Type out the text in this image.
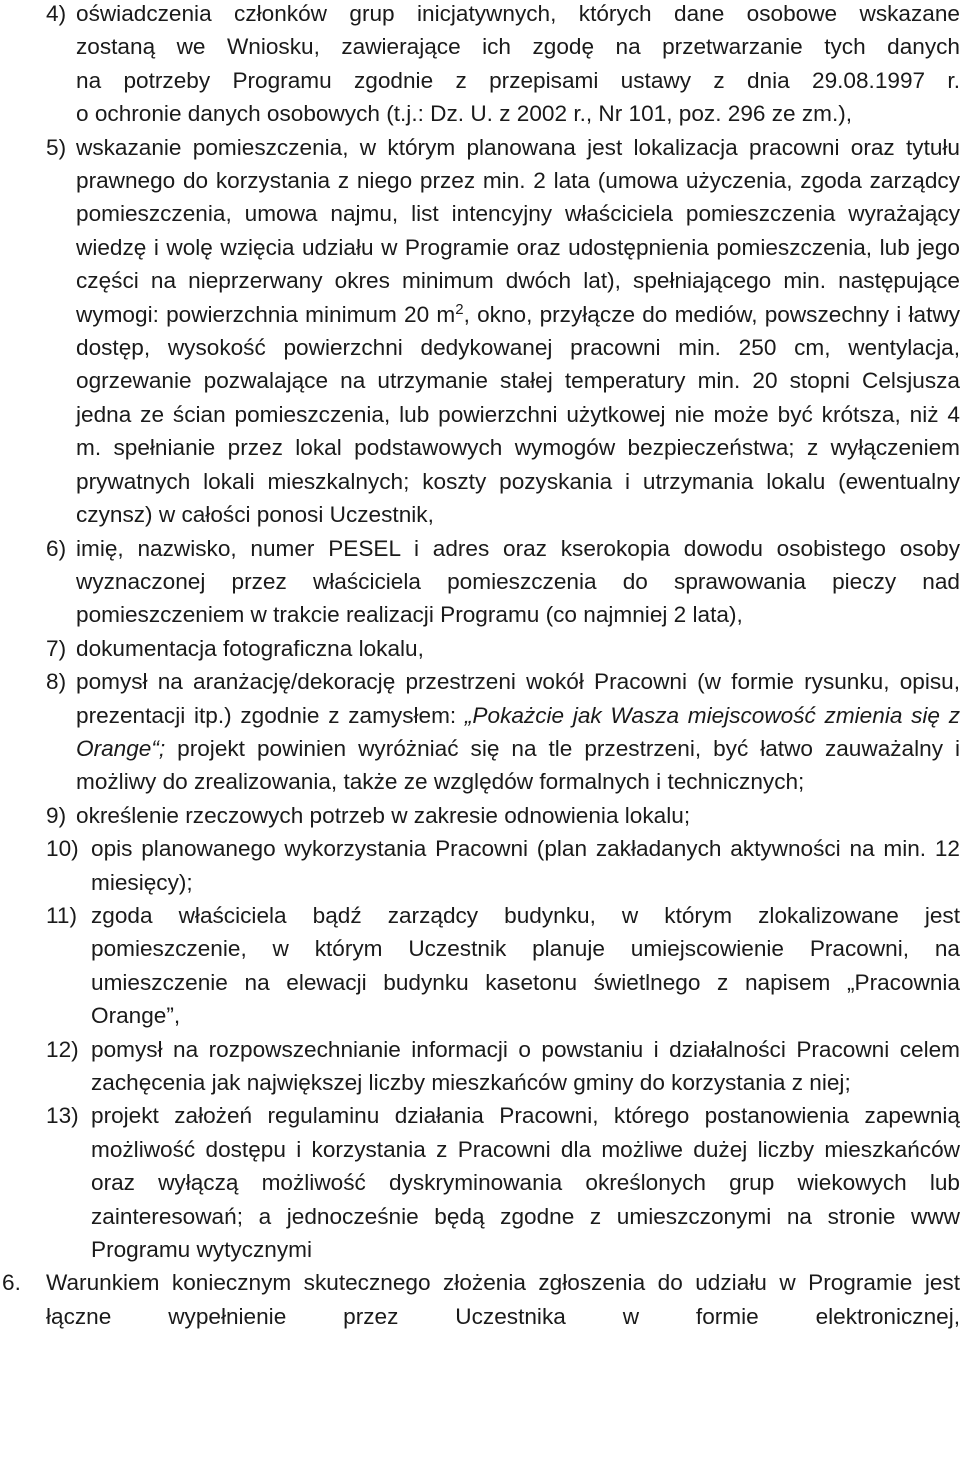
4) oświadczenia członków grup inicjatywnych, których dane osobowe wskazane
zostaną we Wniosku, zawierające ich zgodę na przetwarzanie tych danych
na potrzeby Programu zgodnie z przepisami ustawy z dnia 29.08.1997 r.
o ochronie danych osobowych (t.j.: Dz. U. z 2002 r., Nr 101, poz. 296 ze zm.),
5) wskazanie pomieszczenia, w którym planowana jest lokalizacja pracowni oraz tytułu prawnego do korzystania z niego przez min. 2 lata (umowa użyczenia, zgoda zarządcy pomieszczenia, umowa najmu, list intencyjny właściciela pomieszczenia wyrażający wiedzę i wolę wzięcia udziału w Programie oraz udostępnienia pomieszczenia, lub jego części na nieprzerwany okres minimum dwóch lat), spełniającego min. następujące wymogi: powierzchnia minimum 20 $m^2$, okno, przyłącze do mediów, powszechny i łatwy dostęp, wysokość powierzchni dedykowanej pracowni min. 250 cm, wentylacja, ogrzewanie pozwalające na utrzymanie stałej temperatury min. 20 stopni Celsjusza jedna ze ścian pomieszczenia, lub powierzchni użytkowej nie może być krótsza, niż 4 m. spełnianie przez lokal podstawowych wymogów bezpieczeństwa; z wyłączeniem prywatnych lokali mieszkalnych; koszty pozyskania i utrzymania lokalu (ewentualny czynsz) w całości ponosi Uczestnik,
6) imię, nazwisko, numer PESEL i adres oraz kserokopia dowodu osobistego osoby wyznaczonej przez właściciela pomieszczenia do sprawowania pieczy nad pomieszczeniem w trakcie realizacji Programu (co najmniej 2 lata),
7) dokumentacja fotograficzna lokalu,
8) pomysł na aranżację/dekorację przestrzeni wokół Pracowni (w formie rysunku, opisu, prezentacji itp.) zgodnie z zamysłem: „Pokażcie jak Wasza miejscowość zmienia się z Orange“; projekt powinien wyróżniać się na tle przestrzeni, być łatwo zauważalny i możliwy do zrealizowania, także ze względów formalnych i technicznych;
9) określenie rzeczowych potrzeb w zakresie odnowienia lokalu;
10) opis planowanego wykorzystania Pracowni (plan zakładanych aktywności na min. 12 miesięcy);
11) zgoda właściciela bądź zarządcy budynku, w którym zlokalizowane jest pomieszczenie, w którym Uczestnik planuje umiejscowienie Pracowni, na umieszczenie na elewacji budynku kasetonu świetlnego z napisem „Pracownia Orange”,
12) pomysł na rozpowszechnianie informacji o powstaniu i działalności Pracowni celem zachęcenia jak największej liczby mieszkańców gminy do korzystania z niej;
13) projekt założeń regulaminu działania Pracowni, którego postanowienia zapewnią możliwość dostępu i korzystania z Pracowni dla możliwe dużej liczby mieszkańców oraz wyłączą możliwość dyskryminowania określonych grup wiekowych lub zainteresowań; a jednocześnie będą zgodne z umieszczonymi na stronie www Programu wytycznymi
6. Warunkiem koniecznym skutecznego złożenia zgłoszenia do udziału w Programie jest łączne wypełnienie przez Uczestnika w formie elektronicznej,
